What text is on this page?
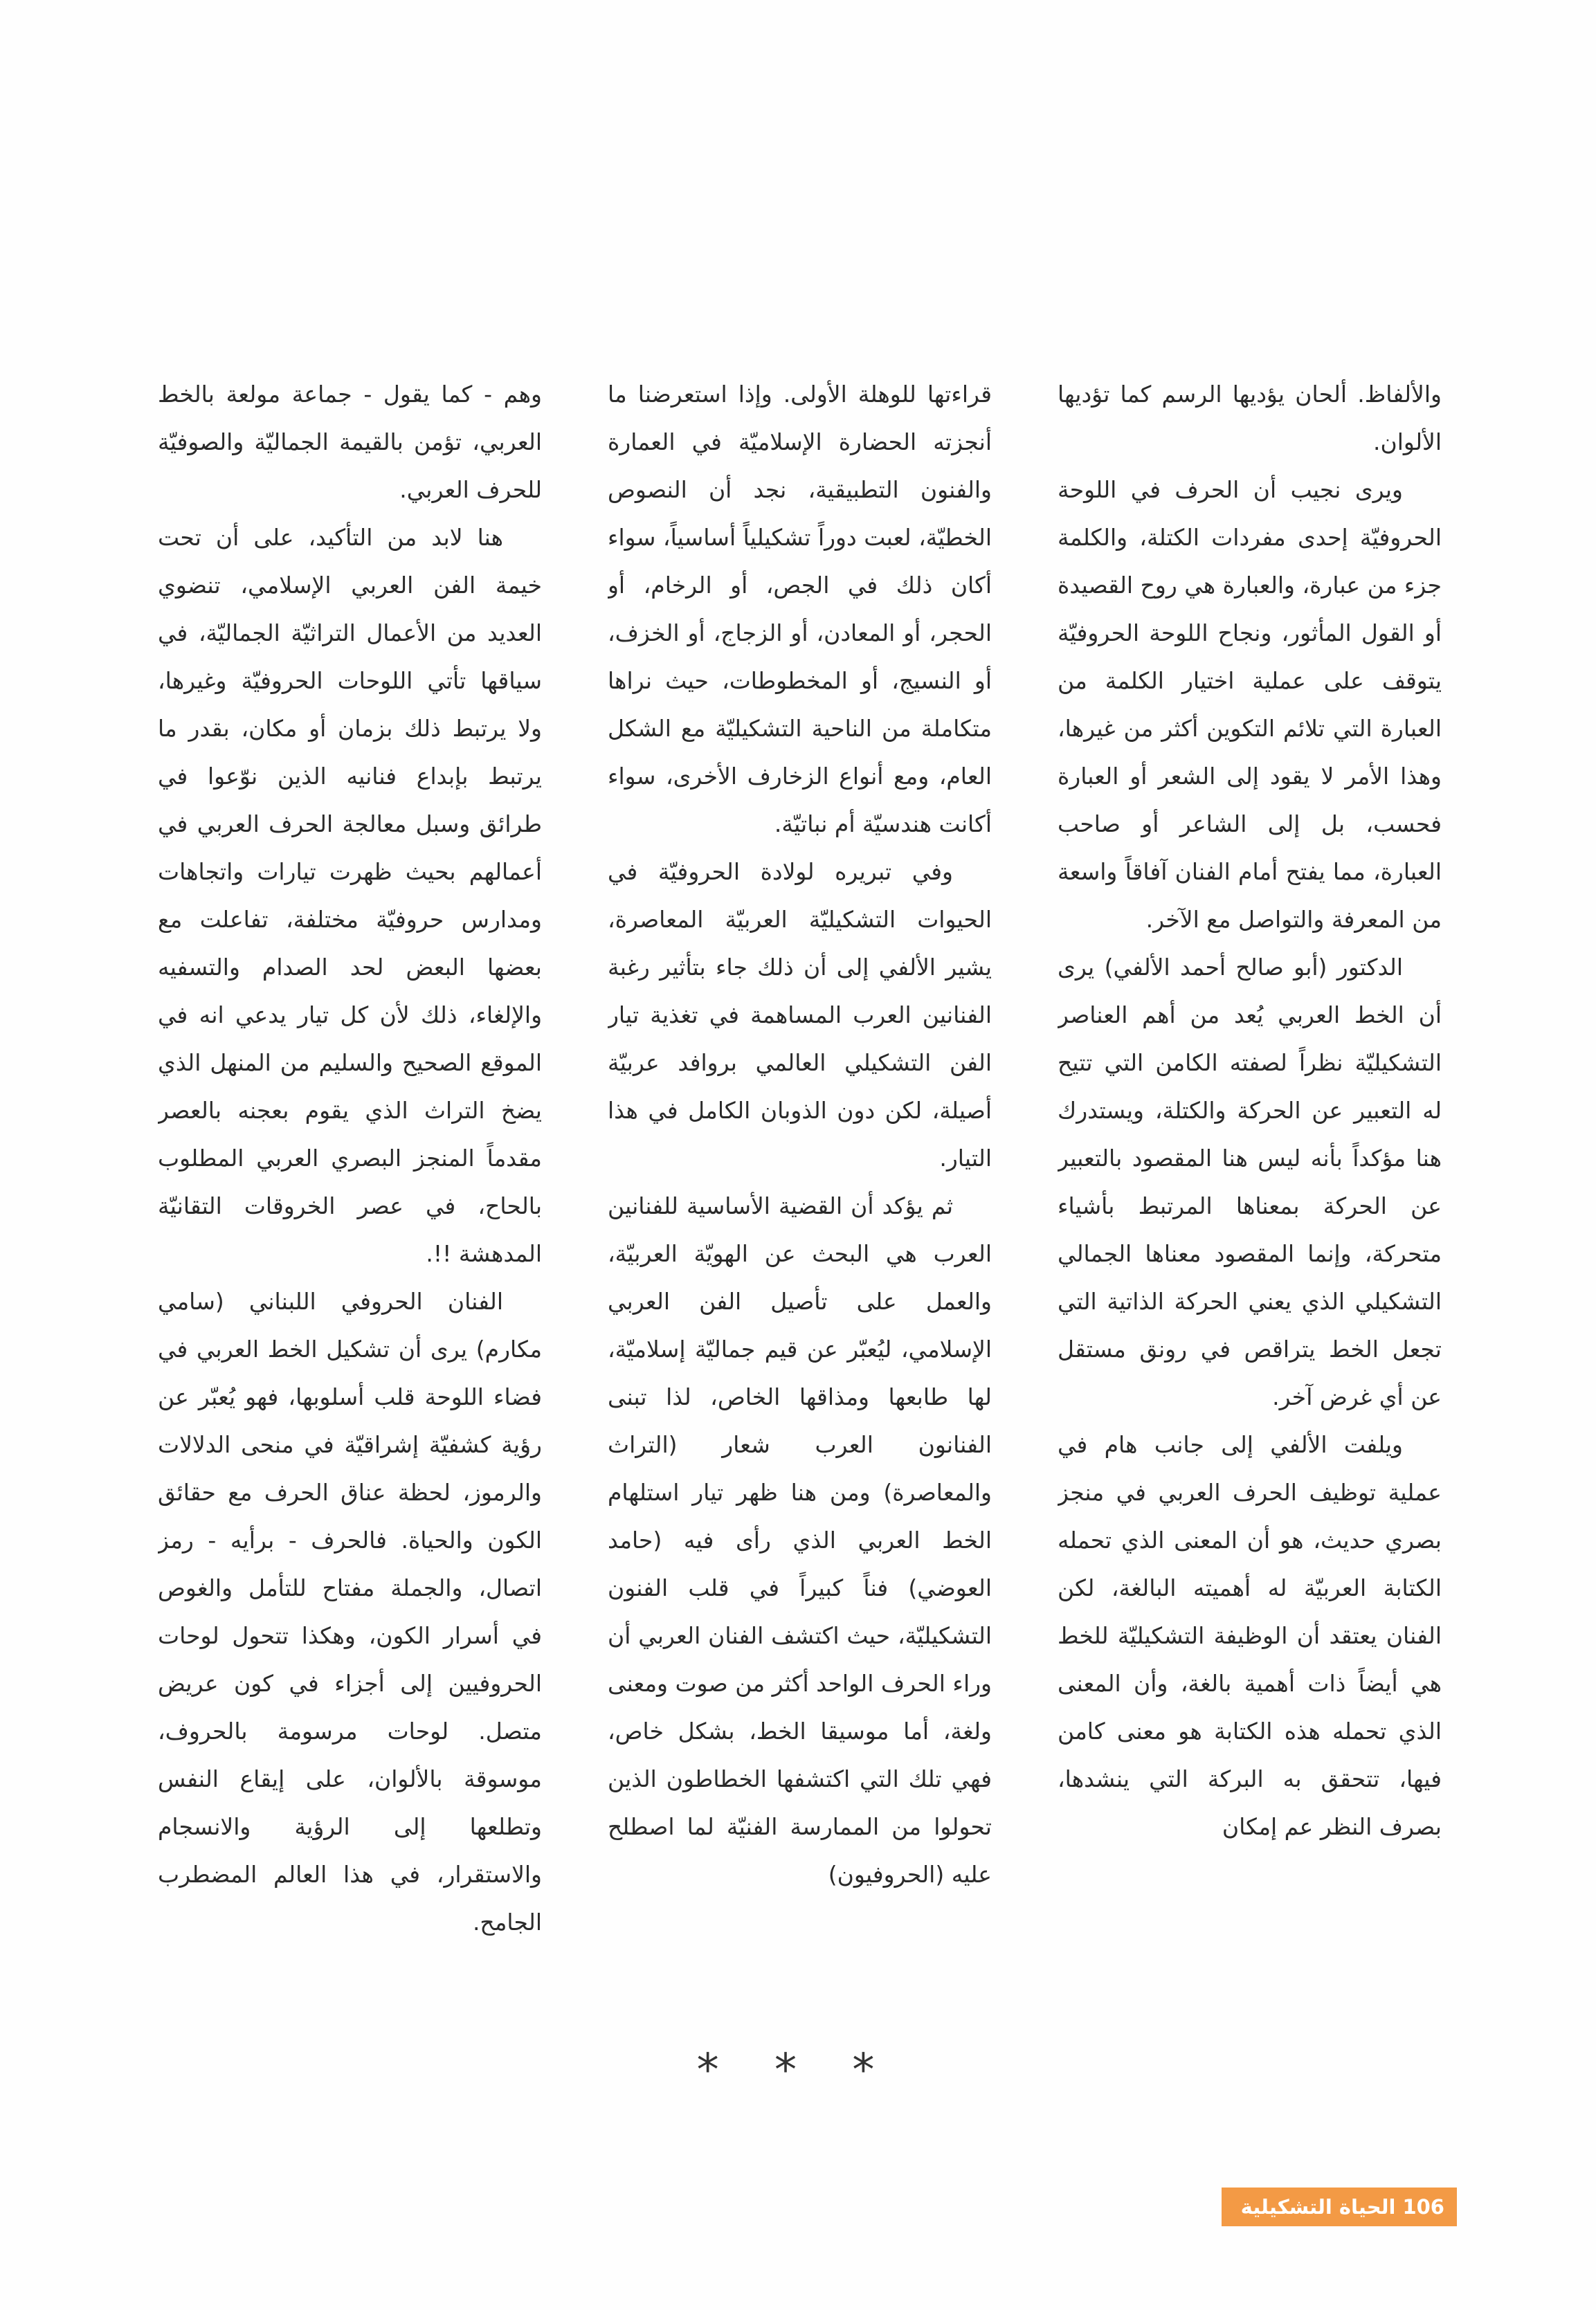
والألفاظ. ألحان يؤديها الرسم كما تؤديها الألوان.

ويرى نجيب أن الحرف في اللوحة الحروفيّة إحدى مفردات الكتلة، والكلمة جزء من عبارة، والعبارة هي روح القصيدة أو القول المأثور، ونجاح اللوحة الحروفيّة يتوقف على عملية اختيار الكلمة من العبارة التي تلائم التكوين أكثر من غيرها، وهذا الأمر لا يقود إلى الشعر أو العبارة فحسب، بل إلى الشاعر أو صاحب العبارة، مما يفتح أمام الفنان آفاقاً واسعة من المعرفة والتواصل مع الآخر.

الدكتور (أبو صالح أحمد الألفي) يرى أن الخط العربي يُعد من أهم العناصر التشكيليّة نظراً لصفته الكامن التي تتيح له التعبير عن الحركة والكتلة، ويستدرك هنا مؤكداً بأنه ليس هنا المقصود بالتعبير عن الحركة بمعناها المرتبط بأشياء متحركة، وإنما المقصود معناها الجمالي التشكيلي الذي يعني الحركة الذاتية التي تجعل الخط يتراقص في رونق مستقل عن أي غرض آخر.

ويلفت الألفي إلى جانب هام في عملية توظيف الحرف العربي في منجز بصري حديث، هو أن المعنى الذي تحمله الكتابة العربيّة له أهميته البالغة، لكن الفنان يعتقد أن الوظيفة التشكيليّة للخط هي أيضاً ذات أهمية بالغة، وأن المعنى الذي تحمله هذه الكتابة هو معنى كامن فيها، تتحقق به البركة التي ينشدها، بصرف النظر عم إمكان

قراءتها للوهلة الأولى. وإذا استعرضنا ما أنجزته الحضارة الإسلاميّة في العمارة والفنون التطبيقية، نجد أن النصوص الخطيّة، لعبت دوراً تشكيلياً أساسياً، سواء أكان ذلك في الجص، أو الرخام، أو الحجر، أو المعادن، أو الزجاج، أو الخزف، أو النسيج، أو المخطوطات، حيث نراها متكاملة من الناحية التشكيليّة مع الشكل العام، ومع أنواع الزخارف الأخرى، سواء أكانت هندسيّة أم نباتيّة.

وفي تبريره لولادة الحروفيّة في الحيوات التشكيليّة العربيّة المعاصرة، يشير الألفي إلى أن ذلك جاء بتأثير رغبة الفنانين العرب المساهمة في تغذية تيار الفن التشكيلي العالمي بروافد عربيّة أصيلة، لكن دون الذوبان الكامل في هذا التيار.

ثم يؤكد أن القضية الأساسية للفنانين العرب هي البحث عن الهويّة العربيّة، والعمل على تأصيل الفن العربي الإسلامي، ليُعبّر عن قيم جماليّة إسلاميّة، لها طابعها ومذاقها الخاص، لذا تبنى الفنانون العرب شعار (التراث والمعاصرة) ومن هنا ظهر تيار استلهام الخط العربي الذي رأى فيه (حامد العوضي) فناً كبيراً في قلب الفنون التشكيليّة، حيث اكتشف الفنان العربي أن وراء الحرف الواحد أكثر من صوت ومعنى ولغة، أما موسيقا الخط، بشكل خاص، فهي تلك التي اكتشفها الخطاطون الذين تحولوا من الممارسة الفنيّة لما اصطلح عليه (الحروفيون)

وهم - كما يقول - جماعة مولعة بالخط العربي، تؤمن بالقيمة الجماليّة والصوفيّة للحرف العربي.

هنا لابد من التأكيد، على أن تحت خيمة الفن العربي الإسلامي، تنضوي العديد من الأعمال التراثيّة الجماليّة، في سياقها تأتي اللوحات الحروفيّة وغيرها، ولا يرتبط ذلك بزمان أو مكان، بقدر ما يرتبط بإبداع فنانيه الذين نوّعوا في طرائق وسبل معالجة الحرف العربي في أعمالهم بحيث ظهرت تيارات واتجاهات ومدارس حروفيّة مختلفة، تفاعلت مع بعضها البعض لحد الصدام والتسفيه والإلغاء، ذلك لأن كل تيار يدعي انه في الموقع الصحيح والسليم من المنهل الذي يضخ التراث الذي يقوم بعجنه بالعصر مقدماً المنجز البصري العربي المطلوب بالحاح، في عصر الخروقات التقانيّة المدهشة !!.

الفنان الحروفي اللبناني (سامي مكارم) يرى أن تشكيل الخط العربي في فضاء اللوحة قلب أسلوبها، فهو يُعبّر عن رؤية كشفيّة إشراقيّة في منحى الدلالات والرموز، لحظة عناق الحرف مع حقائق الكون والحياة. فالحرف - برأيه - رمز اتصال، والجملة مفتاح للتأمل والغوص في أسرار الكون، وهكذا تتحول لوحات الحروفيين إلى أجزاء في كون عريض متصل. لوحات مرسومة بالحروف، موسوقة بالألوان، على إيقاع النفس وتطلعها إلى الرؤية والانسجام والاستقرار، في هذا العالم المضطرب الجامح.

* * *
106
الحياة التشكيلية
